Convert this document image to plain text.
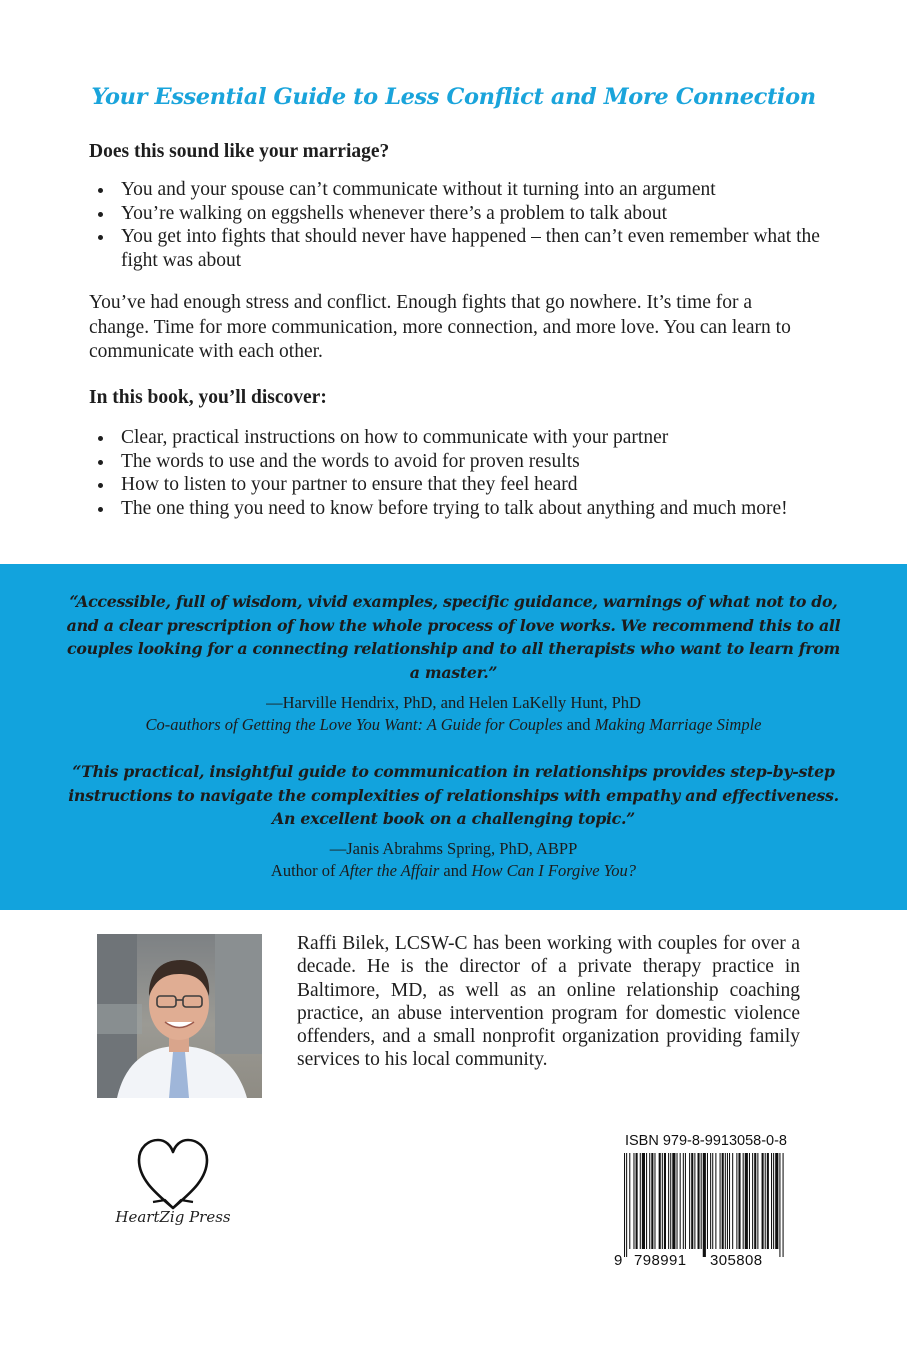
Your Essential Guide to Less Conflict and More Connection

Does this sound like your marriage?

You and your spouse can’t communicate without it turning into an argument
You’re walking on eggshells whenever there’s a problem to talk about
You get into fights that should never have happened – then can’t even remember what the fight was about

You’ve had enough stress and conflict. Enough fights that go nowhere. It’s time for a change. Time for more communication, more connection, and more love. You can learn to communicate with each other.

In this book, you’ll discover:

Clear, practical instructions on how to communicate with your partner
The words to use and the words to avoid for proven results
How to listen to your partner to ensure that they feel heard
The one thing you need to know before trying to talk about anything and much more!

“Accessible, full of wisdom, vivid examples, specific guidance, warnings of what not to do, and a clear prescription of how the whole process of love works. We recommend this to all couples looking for a connecting relationship and to all therapists who want to learn from a master.”

—Harville Hendrix, PhD, and Helen LaKelly Hunt, PhD

Co-authors of Getting the Love You Want: A Guide for Couples and Making Marriage Simple

“This practical, insightful guide to communication in relationships provides step-by-step instructions to navigate the complexities of relationships with empathy and effectiveness. An excellent book on a challenging topic.”

—Janis Abrahms Spring, PhD, ABPP

Author of After the Affair and How Can I Forgive You?

Raffi Bilek, LCSW-C has been working with couples for over a decade. He is the director of a private therapy practice in Baltimore, MD, as well as an online relationship coaching practice, an abuse intervention program for domestic violence offenders, and a small nonprofit organization providing family services to his local community.

HeartZig Press

ISBN 979-8-9913058-0-8

9 798991 305808
